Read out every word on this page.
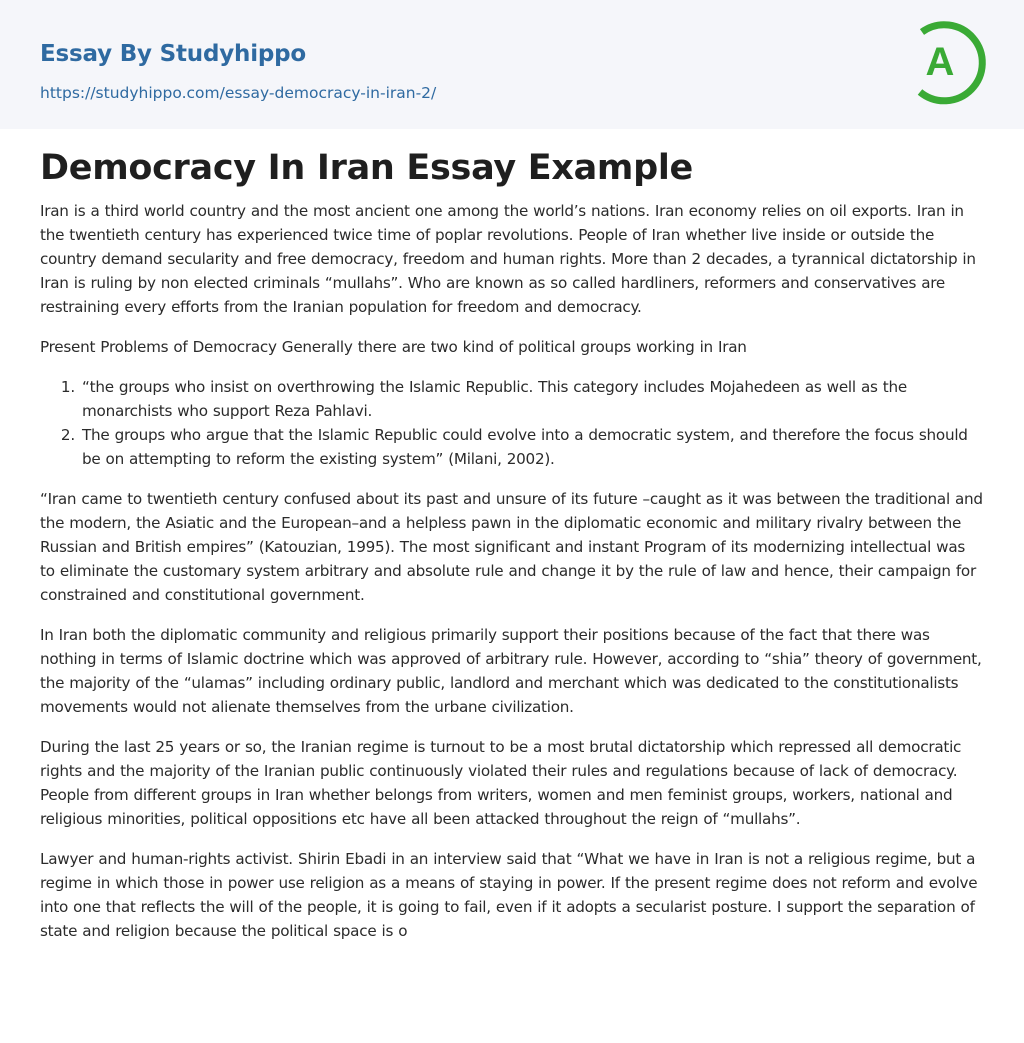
Essay By Studyhippo
https://studyhippo.com/essay-democracy-in-iran-2/
A
Democracy In Iran Essay Example

Iran is a third world country and the most ancient one among the world’s nations. Iran economy relies on oil exports. Iran in the twentieth century has experienced twice time of poplar revolutions. People of Iran whether live inside or outside the country demand secularity and free democracy, freedom and human rights. More than 2 decades, a tyrannical dictatorship in Iran is ruling by non elected criminals “mullahs”. Who are known as so called hardliners, reformers and conservatives are restraining every efforts from the Iranian population for freedom and democracy.

Present Problems of Democracy Generally there are two kind of political groups working in Iran

1. “the groups who insist on overthrowing the Islamic Republic. This category includes Mojahedeen as well as the monarchists who support Reza Pahlavi.
2. The groups who argue that the Islamic Republic could evolve into a democratic system, and therefore the focus should be on attempting to reform the existing system” (Milani, 2002).

“Iran came to twentieth century confused about its past and unsure of its future –caught as it was between the traditional and the modern, the Asiatic and the European–and a helpless pawn in the diplomatic economic and military rivalry between the Russian and British empires” (Katouzian, 1995). The most significant and instant Program of its modernizing intellectual was to eliminate the customary system arbitrary and absolute rule and change it by the rule of law and hence, their campaign for constrained and constitutional government.

In Iran both the diplomatic community and religious primarily support their positions because of the fact that there was nothing in terms of Islamic doctrine which was approved of arbitrary rule. However, according to “shia” theory of government, the majority of the “ulamas” including ordinary public, landlord and merchant which was dedicated to the constitutionalists movements would not alienate themselves from the urbane civilization.

During the last 25 years or so, the Iranian regime is turnout to be a most brutal dictatorship which repressed all democratic rights and the majority of the Iranian public continuously violated their rules and regulations because of lack of democracy. People from different groups in Iran whether belongs from writers, women and men feminist groups, workers, national and religious minorities, political oppositions etc have all been attacked throughout the reign of “mullahs”.

Lawyer and human-rights activist. Shirin Ebadi in an interview said that “What we have in Iran is not a religious regime, but a regime in which those in power use religion as a means of staying in power. If the present regime does not reform and evolve into one that reflects the will of the people, it is going to fail, even if it adopts a secularist posture. I support the separation of state and religion because the political space is o
